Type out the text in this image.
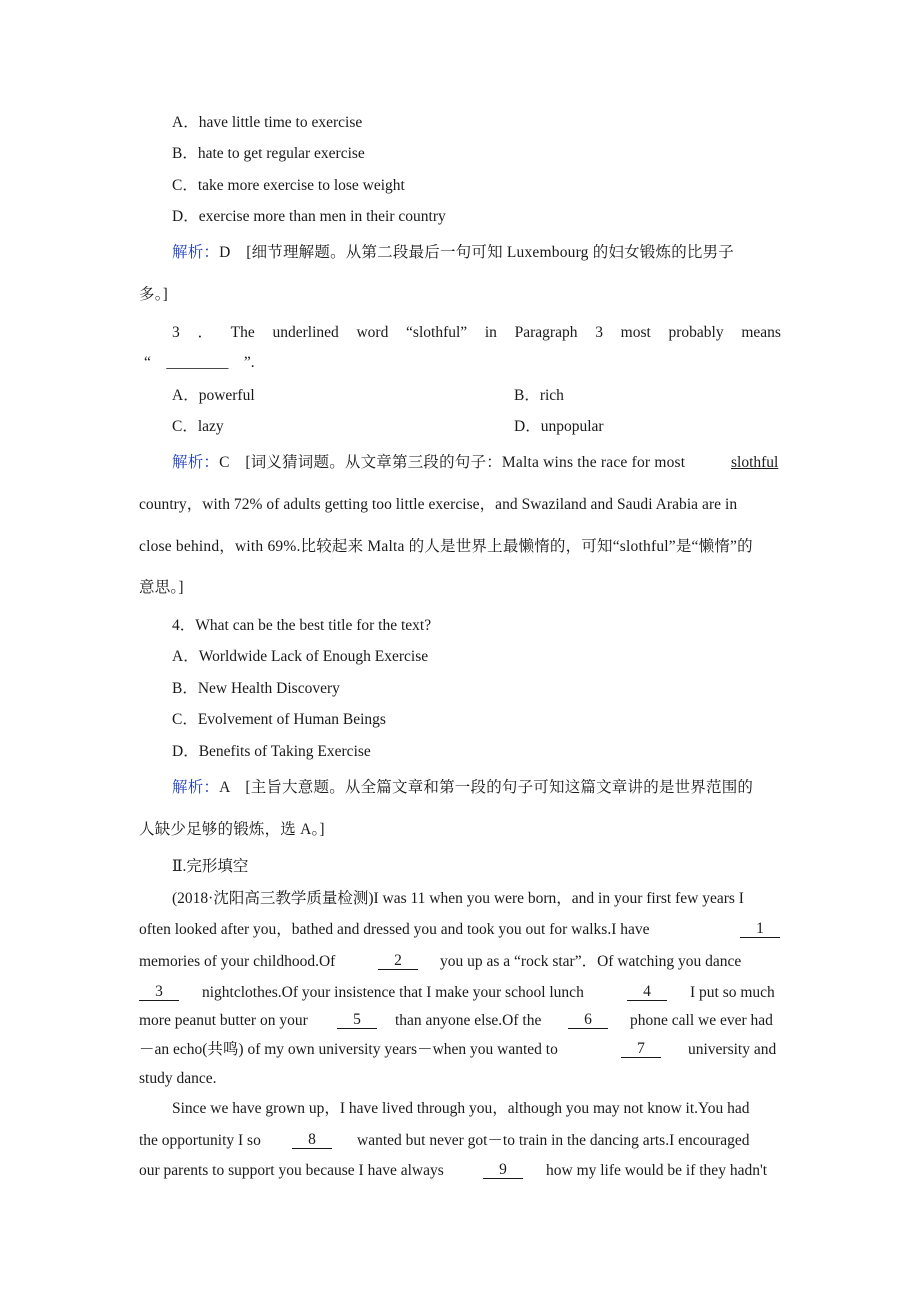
A．have little time to exercise
B．hate to get regular exercise
C．take more exercise to lose weight
D．exercise more than men in their country
解析：D　[细节理解题。从第二段最后一句可知 Luxembourg 的妇女锻炼的比男子
多。]
3 ． The underlined word “slothful” in Paragraph 3 most probably means
“　________　”.
A．powerful	B．rich
C．lazy	D．unpopular
解析：C　[词义猜词题。从文章第三段的句子：Malta wins the race for most	slothful
country，with 72% of adults getting too little exercise，and Swaziland and Saudi Arabia are in
close behind，with 69%.比较起来 Malta 的人是世界上最懒惰的，可知“slothful”是“懒惰”的
意思。]
4．What can be the best title for the text?
A．Worldwide Lack of Enough Exercise
B．New Health Discovery
C．Evolvement of Human Beings
D．Benefits of Taking Exercise
解析：A　[主旨大意题。从全篇文章和第一段的句子可知这篇文章讲的是世界范围的
人缺少足够的锻炼，选 A。]
Ⅱ.完形填空
(2018·沈阳高三教学质量检测)I was 11 when you were born，and in your first few years I
often looked after you，bathed and dressed you and took you out for walks.I have	1
memories of your childhood.Of	2	you up as a “rock star”．Of watching you dance
3	nightclothes.Of your insistence that I make your school lunch	4	I put so much
more peanut butter on your	5	than anyone else.Of the	6	phone call we ever had
－an echo(共鸣) of my own university years－when you wanted to	7	university and
study dance.
Since we have grown up，I have lived through you，although you may not know it.You had
the opportunity I so	8	wanted but never got－to train in the dancing arts.I encouraged
our parents to support you because I have always	9	how my life would be if they hadn't
